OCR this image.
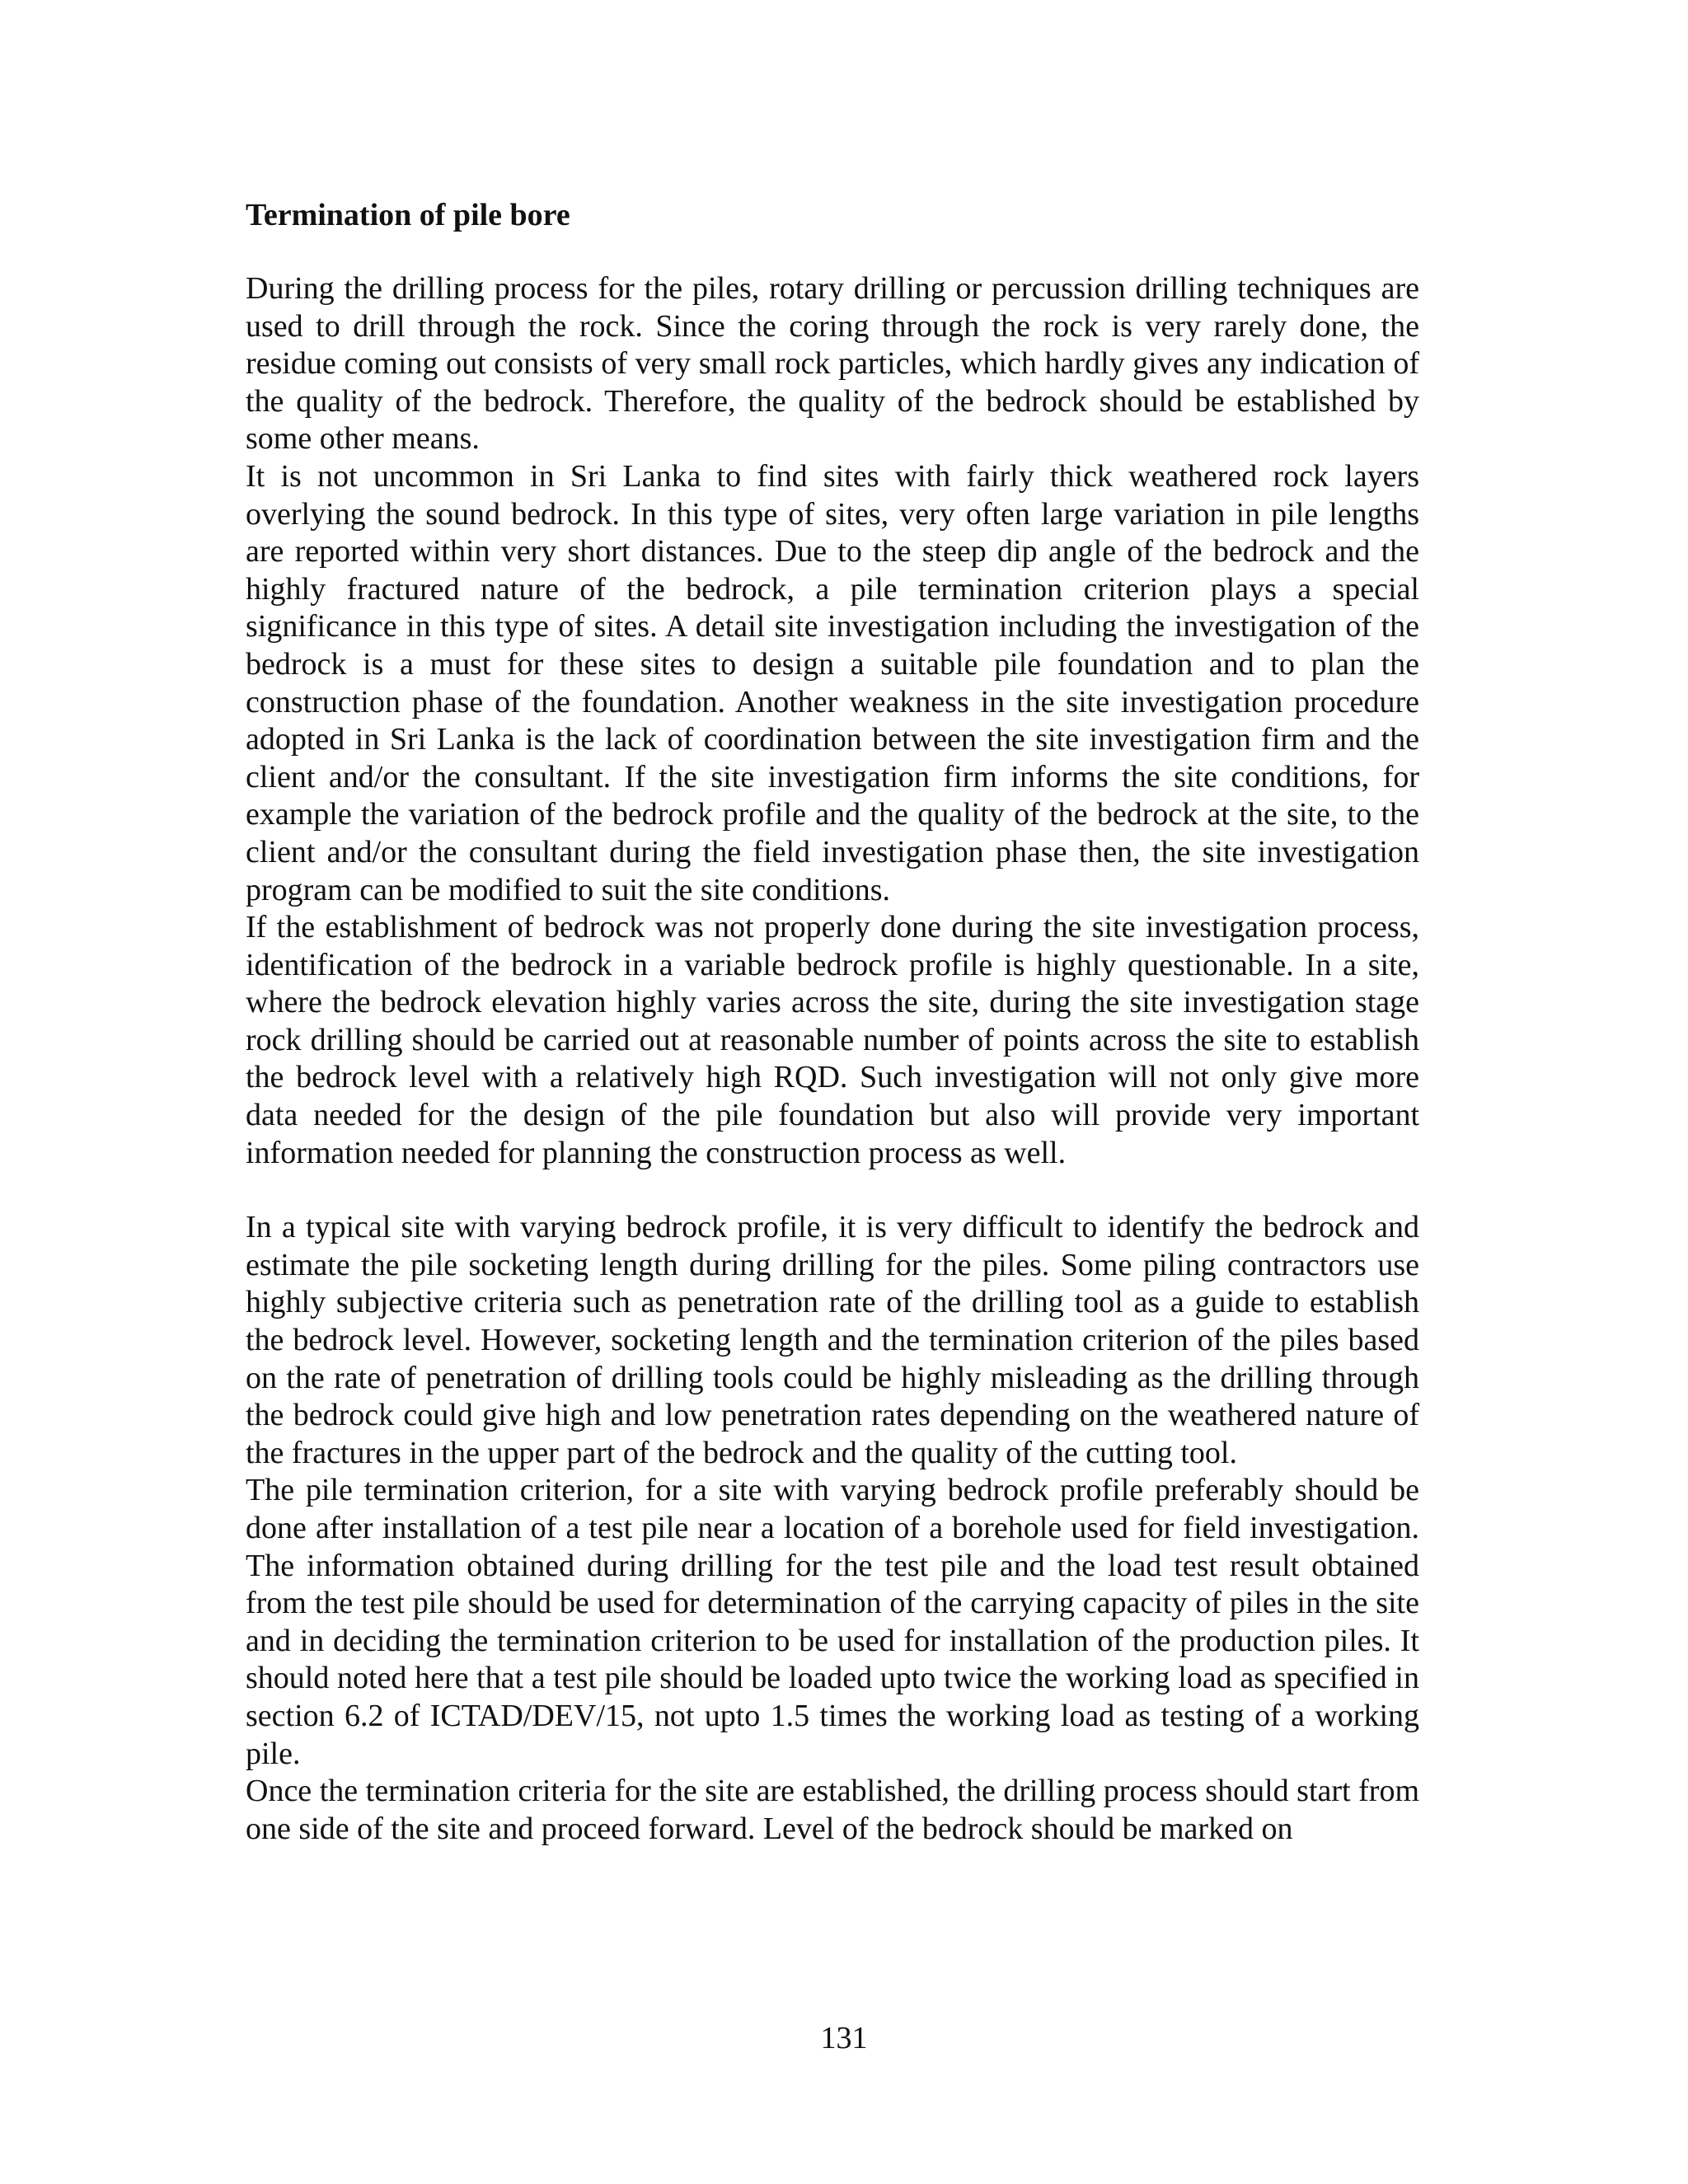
Termination of pile bore

During the drilling process for the piles, rotary drilling or percussion drilling techniques are used to drill through the rock. Since the coring through the rock is very rarely done, the residue coming out consists of very small rock particles, which hardly gives any indication of the quality of the bedrock. Therefore, the quality of the bedrock should be established by some other means.

It is not uncommon in Sri Lanka to find sites with fairly thick weathered rock layers overlying the sound bedrock. In this type of sites, very often large variation in pile lengths are reported within very short distances. Due to the steep dip angle of the bedrock and the highly fractured nature of the bedrock, a pile termination criterion plays a special significance in this type of sites. A detail site investigation including the investigation of the bedrock is a must for these sites to design a suitable pile foundation and to plan the construction phase of the foundation. Another weakness in the site investigation procedure adopted in Sri Lanka is the lack of coordination between the site investigation firm and the client and/or the consultant. If the site investigation firm informs the site conditions, for example the variation of the bedrock profile and the quality of the bedrock at the site, to the client and/or the consultant during the field investigation phase then, the site investigation program can be modified to suit the site conditions.

If the establishment of bedrock was not properly done during the site investigation process, identification of the bedrock in a variable bedrock profile is highly questionable. In a site, where the bedrock elevation highly varies across the site, during the site investigation stage rock drilling should be carried out at reasonable number of points across the site to establish the bedrock level with a relatively high RQD. Such investigation will not only give more data needed for the design of the pile foundation but also will provide very important information needed for planning the construction process as well.

In a typical site with varying bedrock profile, it is very difficult to identify the bedrock and estimate the pile socketing length during drilling for the piles. Some piling contractors use highly subjective criteria such as penetration rate of the drilling tool as a guide to establish the bedrock level. However, socketing length and the termination criterion of the piles based on the rate of penetration of drilling tools could be highly misleading as the drilling through the bedrock could give high and low penetration rates depending on the weathered nature of the fractures in the upper part of the bedrock and the quality of the cutting tool.

The pile termination criterion, for a site with varying bedrock profile preferably should be done after installation of a test pile near a location of a borehole used for field investigation. The information obtained during drilling for the test pile and the load test result obtained from the test pile should be used for determination of the carrying capacity of piles in the site and in deciding the termination criterion to be used for installation of the production piles. It should noted here that a test pile should be loaded upto twice the working load as specified in section 6.2 of ICTAD/DEV/15, not upto 1.5 times the working load as testing of a working pile.

Once the termination criteria for the site are established, the drilling process should start from one side of the site and proceed forward. Level of the bedrock should be marked on

131
